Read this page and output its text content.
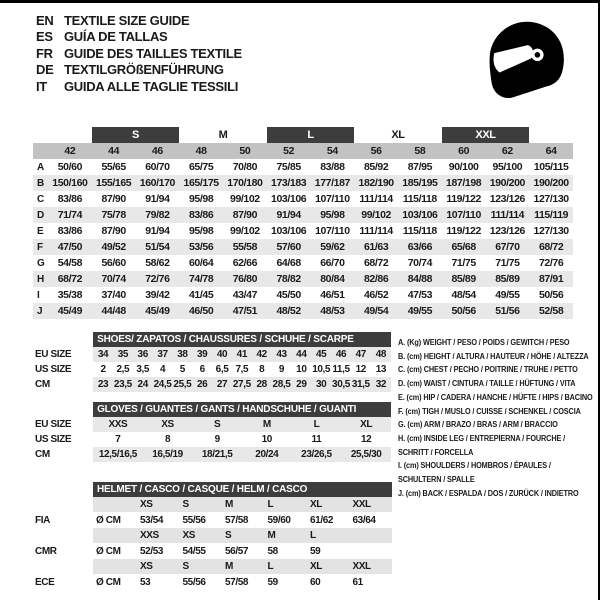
EN TEXTILE SIZE GUIDE
ES GUÍA DE TALLAS
FR GUIDE DES TAILLES TEXTILE
DE TEXTILGRÖßENFÜHRUNG
IT	GUIDA ALLE TAGLIE TESSILI
		S		M		L		XL		XXL		
	42	44	46	48	50	52	54	56	58	60	62	64
A	50/60	55/65	60/70	65/75	70/80	75/85	83/88	85/92	87/95	90/100	95/100	105/115
B	150/160	155/165	160/170	165/175	170/180	173/183	177/187	182/190	185/195	187/198	190/200	190/200
C	83/86	87/90	91/94	95/98	99/102	103/106	107/110	111/114	115/118	119/122	123/126	127/130
D	71/74	75/78	79/82	83/86	87/90	91/94	95/98	99/102	103/106	107/110	111/114	115/119
E	83/86	87/90	91/94	95/98	99/102	103/106	107/110	111/114	115/118	119/122	123/126	127/130
F	47/50	49/52	51/54	53/56	55/58	57/60	59/62	61/63	63/66	65/68	67/70	68/72
G	54/58	56/60	58/62	60/64	62/66	64/68	66/70	68/72	70/74	71/75	71/75	72/76
H	68/72	70/74	72/76	74/78	76/80	78/82	80/84	82/86	84/88	85/89	85/89	87/91
I	35/38	37/40	39/42	41/45	43/47	45/50	46/51	46/52	47/53	48/54	49/55	50/56
J	45/49	44/48	45/49	46/50	47/51	48/52	48/53	49/54	49/55	50/56	51/56	52/58
	SHOES/ ZAPATOS / CHAUSSURES / SCHUHE / SCARPE														
EU SIZE	34	35	36	37	38	39	40	41	42	43	44	45	46	47	48
US SIZE	2	2,5	3,5	4	5	6	6,5	7,5	8	9	10	10,5	11,5	12	13
CM	23	23,5	24	24,5	25,5	26	27	27,5	28	28,5	29	30	30,5	31,5	32
	GLOVES / GUANTES / GANTS / HANDSCHUHE / GUANTI					
EU SIZE	XXS	XS	S	M	L	XL
US SIZE	7	8	9	10	11	12
CM	12,5/16,5	16,5/19	18/21,5	20/24	23/26,5	25,5/30
	HELMET / CASCO / CASQUE / HELM / CASCO						
		XS	S	M	L	XL	XXL
FIA	Ø CM	53/54	55/56	57/58	59/60	61/62	63/64
		XXS	XS	S	M	L	
CMR	Ø CM	52/53	54/55	56/57	58	59	
		XS	S	M	L	XL	XXL
ECE	Ø CM	53	55/56	57/58	59	60	61
A. (Kg) WEIGHT / PESO / POIDS / GEWITCH / PESO
B. (cm) HEIGHT / ALTURA / HAUTEUR / HÖHE / ALTEZZA
C. (cm) CHEST / PECHO / POITRINE / TRUHE / PETTO
D. (cm) WAIST / CINTURA / TAILLE / HÜFTUNG / VITA
E. (cm) HIP / CADERA / HANCHE / HÜFTE / HIPS / BACINO
F. (cm) TIGH / MUSLO / CUISSE / SCHENKEL / COSCIA
G. (cm) ARM / BRAZO / BRAS / ARM / BRACCIO
H. (cm) INSIDE LEG / ENTREPIERNA / FOURCHE /
SCHRITT / FORCELLA
I. (cm) SHOULDERS / HOMBROS / ÉPAULES /
SCHULTERN / SPALLE
J. (cm) BACK / ESPALDA / DOS / ZURÜCK / INDIETRO
